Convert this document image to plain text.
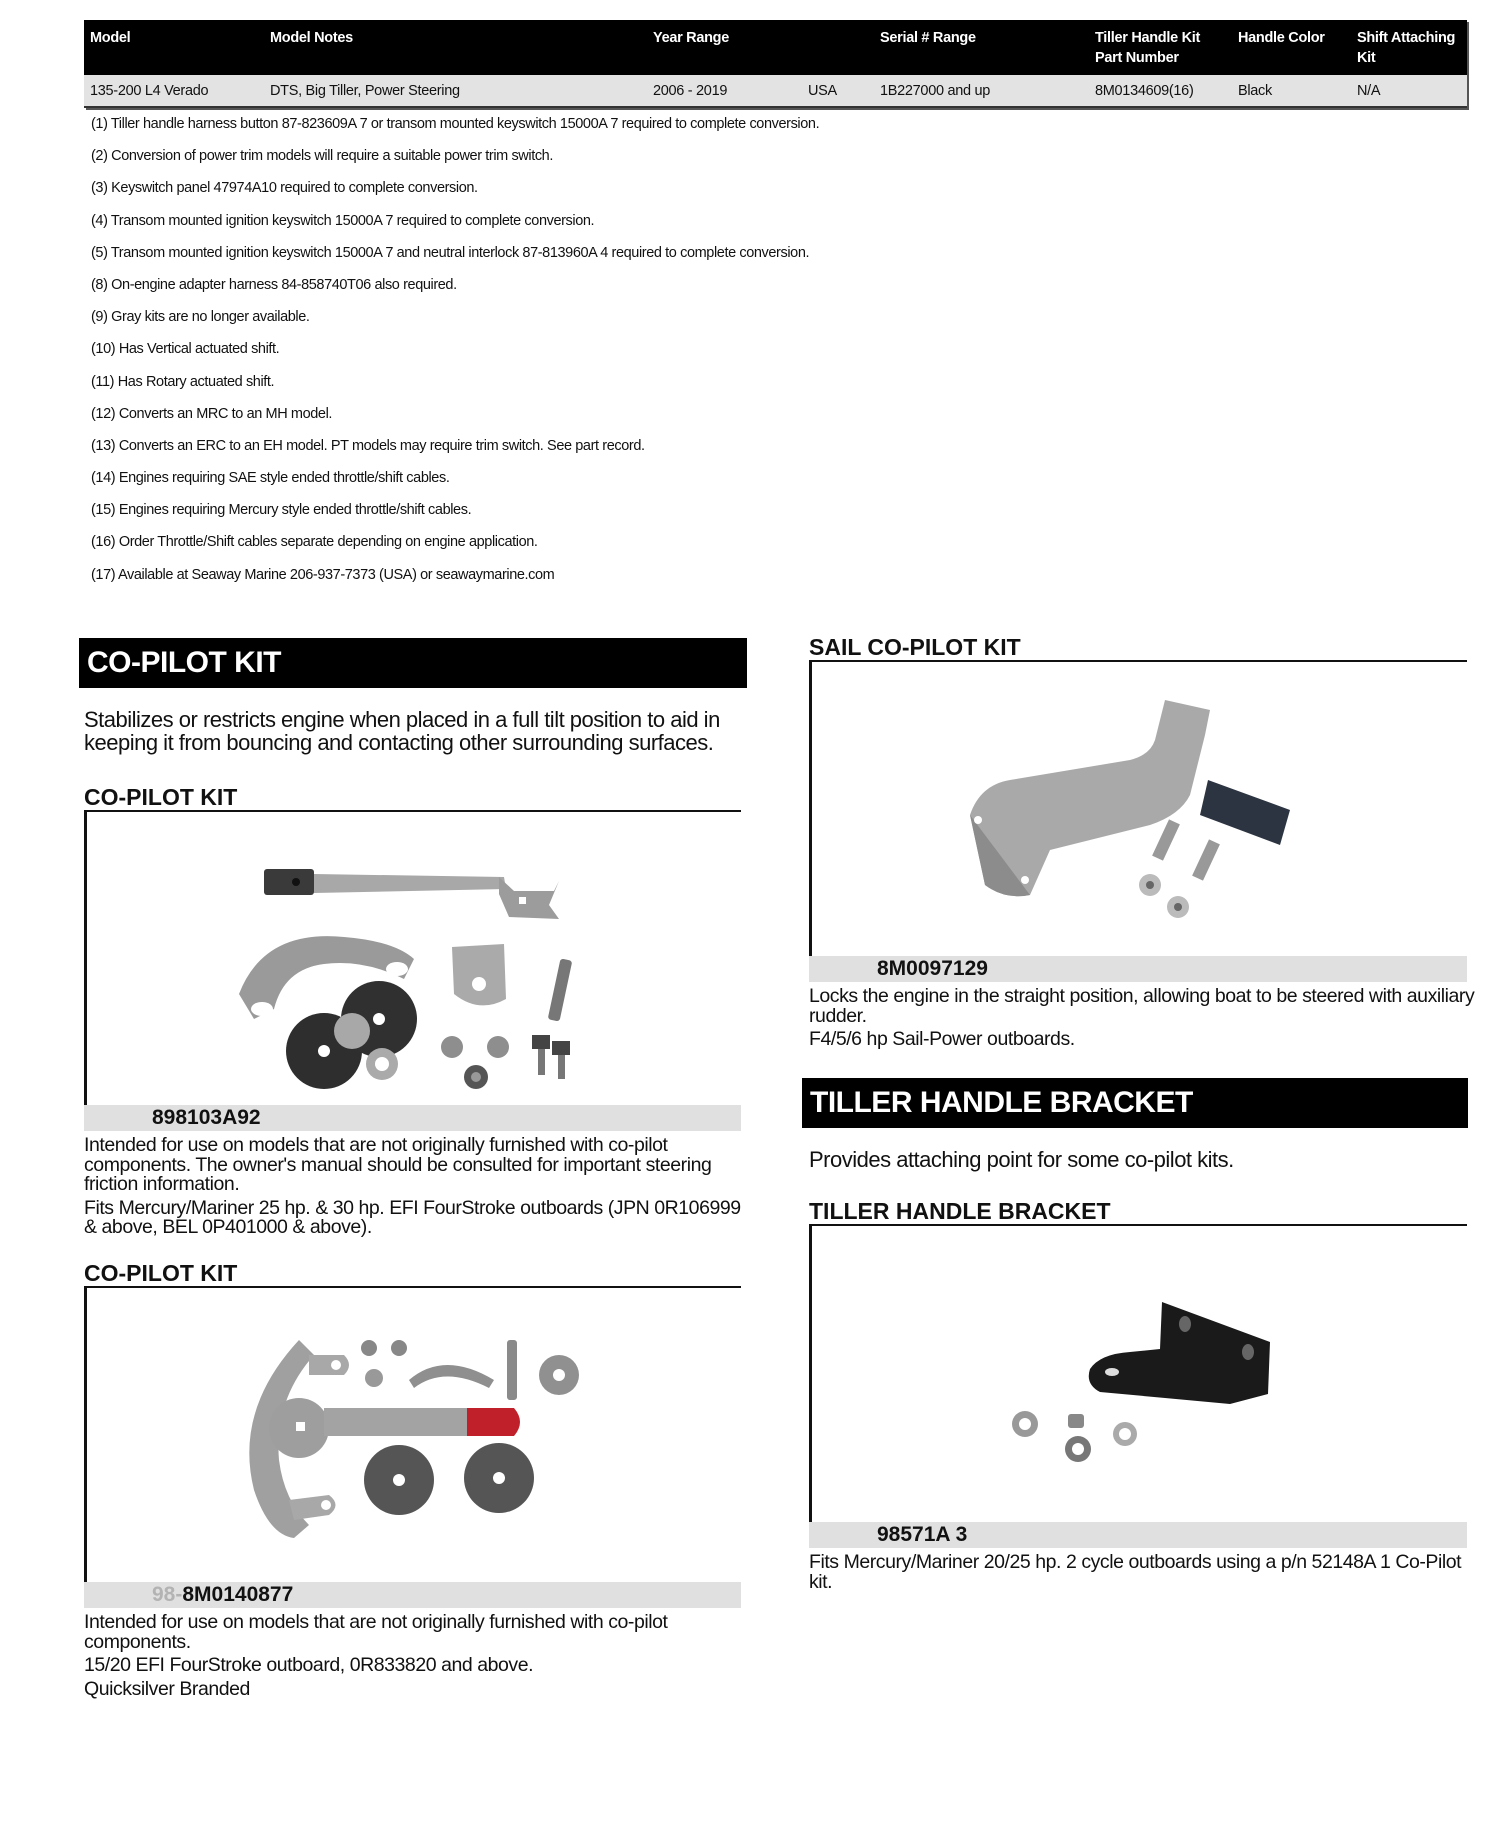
Model	Model Notes	Year Range		Serial # Range	Tiller Handle Kit Part Number	Handle Color	Shift Attaching Kit
135-200 L4 Verado	DTS, Big Tiller, Power Steering	2006 - 2019	USA	1B227000 and up	8M0134609(16)	Black	N/A
(1) Tiller handle harness button 87-823609A 7 or transom mounted keyswitch 15000A 7 required to complete conversion.
(2) Conversion of power trim models will require a suitable power trim switch.
(3) Keyswitch panel 47974A10 required to complete conversion.
(4) Transom mounted ignition keyswitch 15000A 7 required to complete conversion.
(5) Transom mounted ignition keyswitch 15000A 7 and neutral interlock 87-813960A 4 required to complete conversion.
(8) On-engine adapter harness 84-858740T06 also required.
(9) Gray kits are no longer available.
(10) Has Vertical actuated shift.
(11) Has Rotary actuated shift.
(12) Converts an MRC to an MH model.
(13) Converts an ERC to an EH model. PT models may require trim switch. See part record.
(14) Engines requiring SAE style ended throttle/shift cables.
(15) Engines requiring Mercury style ended throttle/shift cables.
(16) Order Throttle/Shift cables separate depending on engine application.
(17) Available at Seaway Marine 206-937-7373 (USA) or seawaymarine.com
CO-PILOT KIT
Stabilizes or restricts engine when placed in a full tilt position to aid in keeping it from bouncing and contacting other surrounding surfaces.
CO-PILOT KIT
898103A92

Intended for use on models that are not originally furnished with co-pilot components. The owner's manual should be consulted for important steering friction information.

Fits Mercury/Mariner 25 hp. & 30 hp. EFI FourStroke outboards (JPN 0R106999 & above, BEL 0P401000 & above).

CO-PILOT KIT
98-8M0140877

Intended for use on models that are not originally furnished with co-pilot components.

15/20 EFI FourStroke outboard, 0R833820 and above.

Quicksilver Branded

SAIL CO-PILOT KIT
8M0097129

Locks the engine in the straight position, allowing boat to be steered with auxiliary rudder.

F4/5/6 hp Sail-Power outboards.

TILLER HANDLE BRACKET
Provides attaching point for some co-pilot kits.
TILLER HANDLE BRACKET
98571A 3

Fits Mercury/Mariner 20/25 hp. 2 cycle outboards using a p/n 52148A 1 Co-Pilot kit.
